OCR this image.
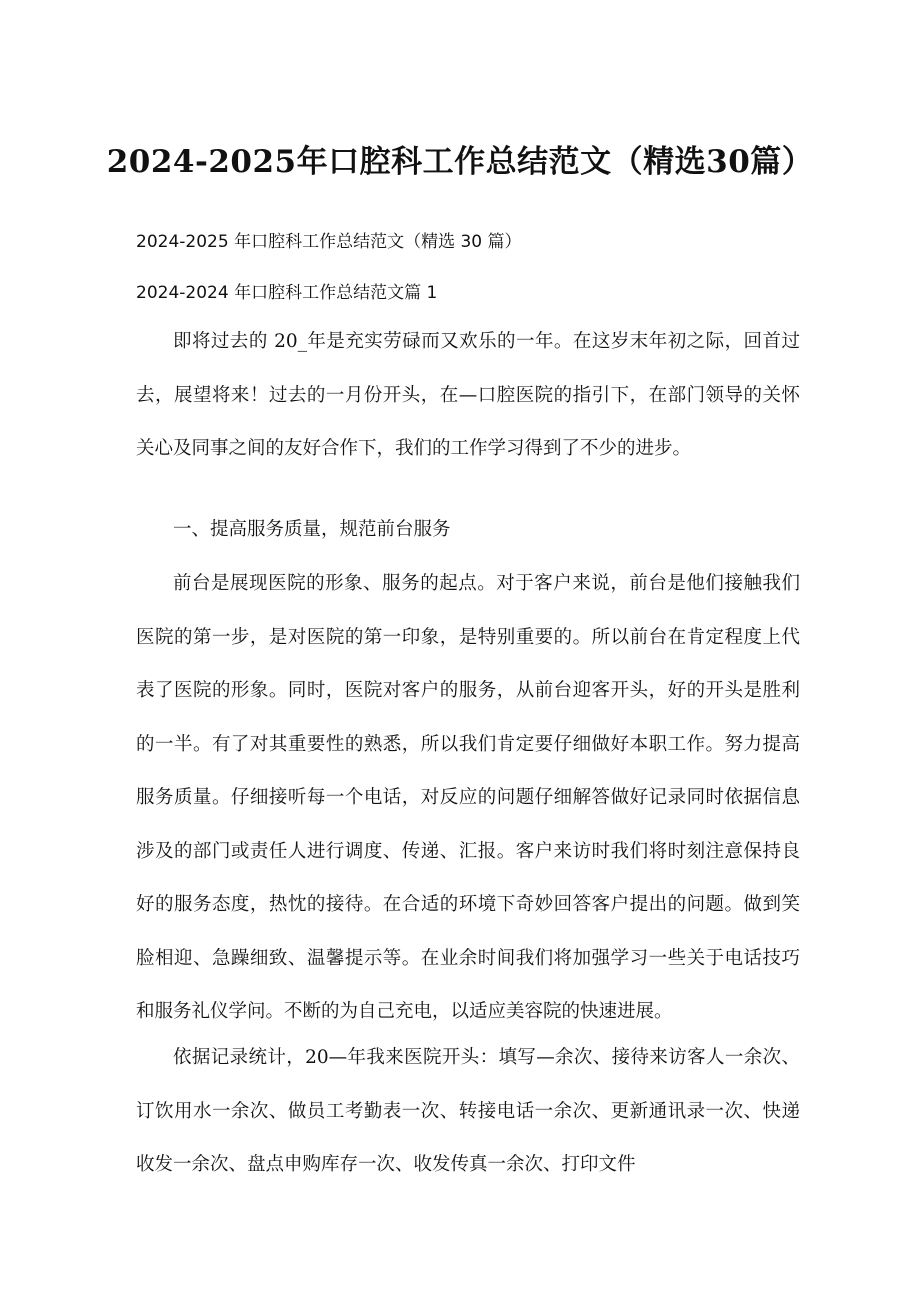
2024-2025年口腔科工作总结范文（精选30篇）

2024-2025 年口腔科工作总结范文（精选 30 篇）

2024-2024 年口腔科工作总结范文篇 1

即将过去的 20_年是充实劳碌而又欢乐的一年。在这岁末年初之际，回首过去，展望将来！过去的一月份开头，在—口腔医院的指引下，在部门领导的关怀关心及同事之间的友好合作下，我们的工作学习得到了不少的进步。

一、提高服务质量，规范前台服务

前台是展现医院的形象、服务的起点。对于客户来说，前台是他们接触我们医院的第一步，是对医院的第一印象，是特别重要的。所以前台在肯定程度上代表了医院的形象。同时，医院对客户的服务，从前台迎客开头，好的开头是胜利的一半。有了对其重要性的熟悉，所以我们肯定要仔细做好本职工作。努力提高服务质量。仔细接听每一个电话，对反应的问题仔细解答做好记录同时依据信息涉及的部门或责任人进行调度、传递、汇报。客户来访时我们将时刻注意保持良好的服务态度，热忱的接待。在合适的环境下奇妙回答客户提出的问题。做到笑脸相迎、急躁细致、温馨提示等。在业余时间我们将加强学习一些关于电话技巧和服务礼仪学问。不断的为自己充电，以适应美容院的快速进展。

依据记录统计，20—年我来医院开头：填写—余次、接待来访客人一余次、订饮用水一余次、做员工考勤表一次、转接电话一余次、更新通讯录一次、快递收发一余次、盘点申购库存一次、收发传真一余次、打印文件
